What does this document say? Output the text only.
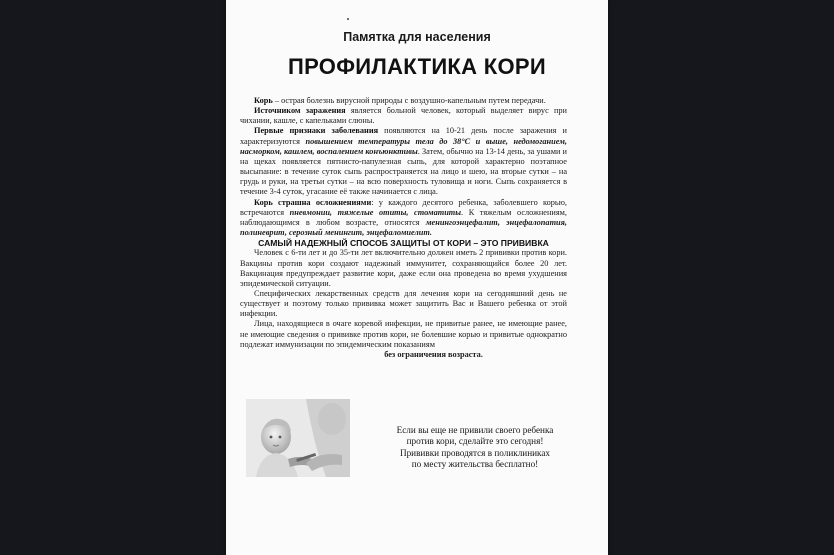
Памятка для населения
ПРОФИЛАКТИКА КОРИ

Корь – острая болезнь вирусной природы с воздушно-капельным путем передачи.

Источником заражения является больной человек, который выделяет вирус при чихании, кашле, с капельками слюны.

Первые признаки заболевания появляются на 10-21 день после заражения и характеризуются повышением температуры тела до 38°С и выше, недомоганием, насморком, кашлем, воспалением конъюнктивы. Затем, обычно на 13-14 день, за ушами и на щеках появляется пятнисто-папулезная сыпь, для которой характерно поэтапное высыпание: в течение суток сыпь распространяется на лицо и шею, на вторые сутки – на грудь и руки, на третьи сутки – на всю поверхность туловища и ноги. Сыпь сохраняется в течение 3-4 суток, угасание её также начинается с лица.

Корь страшна осложнениями: у каждого десятого ребенка, заболевшего корью, встречаются пневмонии, тяжелые отиты, стоматиты. К тяжелым осложнениям, наблюдающимся в любом возрасте, относятся менингоэнцефалит, энцефалопатия, полиневрит, серозный менингит, энцефаломиелит.

САМЫЙ НАДЕЖНЫЙ СПОСОБ ЗАЩИТЫ ОТ КОРИ – ЭТО ПРИВИВКА

Человек с 6-ти лет и до 35-ти лет включительно должен иметь 2 прививки против кори. Вакцины против кори создают надежный иммунитет, сохраняющийся более 20 лет. Вакцинация предупреждает развитие кори, даже если она проведена во время ухудшения эпидемической ситуации.

Специфических лекарственных средств для лечения кори на сегодняшний день не существует и поэтому только прививка может защитить Вас и Вашего ребенка от этой инфекции.

Лица, находящиеся в очаге коревой инфекции, не привитые ранее, не имеющие ранее, не имеющие сведения о прививке против кори, не болевшие корью и привитые однократно подлежат иммунизации по эпидемическим показаниям

без ограничения возраста.

Если вы еще не привили своего ребенка
против кори, сделайте это сегодня!
Прививки проводятся в поликлиниках
по месту жительства бесплатно!
